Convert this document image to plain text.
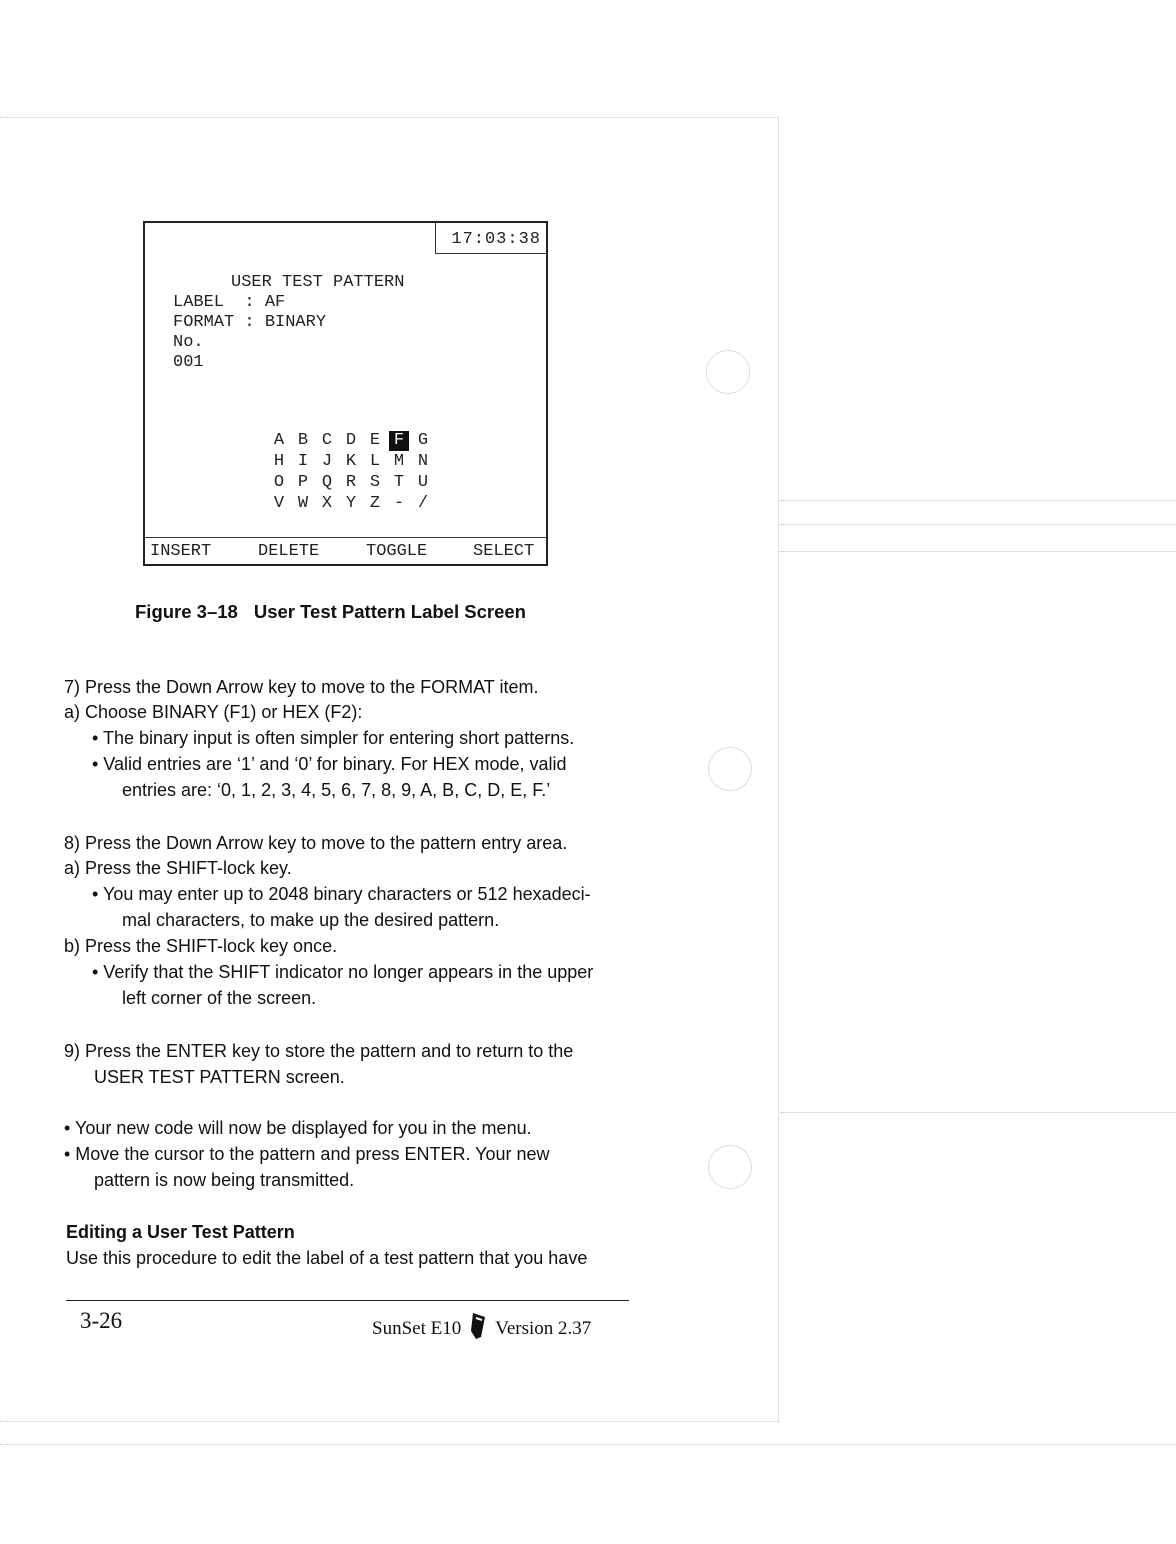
17:03:38
USER TEST PATTERN
LABEL  : AF
FORMAT : BINARY
No.
001
A B C D E F G
H I J K L M N
O P Q R S T U
V W X Y Z - /
INSERT	DELETE	TOGGLE	SELECT
Figure 3–18 User Test Pattern Label Screen
7) Press the Down Arrow key to move to the FORMAT item.
a) Choose BINARY (F1) or HEX (F2):
• The binary input is often simpler for entering short patterns.
• Valid entries are ‘1’ and ‘0’ for binary. For HEX mode, valid
entries are: ‘0, 1, 2, 3, 4, 5, 6, 7, 8, 9, A, B, C, D, E, F.’
8) Press the Down Arrow key to move to the pattern entry area.
a) Press the SHIFT-lock key.
• You may enter up to 2048 binary characters or 512 hexadeci-
mal characters, to make up the desired pattern.
b) Press the SHIFT-lock key once.
• Verify that the SHIFT indicator no longer appears in the upper
left corner of the screen.
9) Press the ENTER key to store the pattern and to return to the
USER TEST PATTERN screen.
• Your new code will now be displayed for you in the menu.
• Move the cursor to the pattern and press ENTER. Your new
pattern is now being transmitted.
Editing a User Test Pattern
Use this procedure to edit the label of a test pattern that you have
3-26	SunSet E10 Version 2.37
